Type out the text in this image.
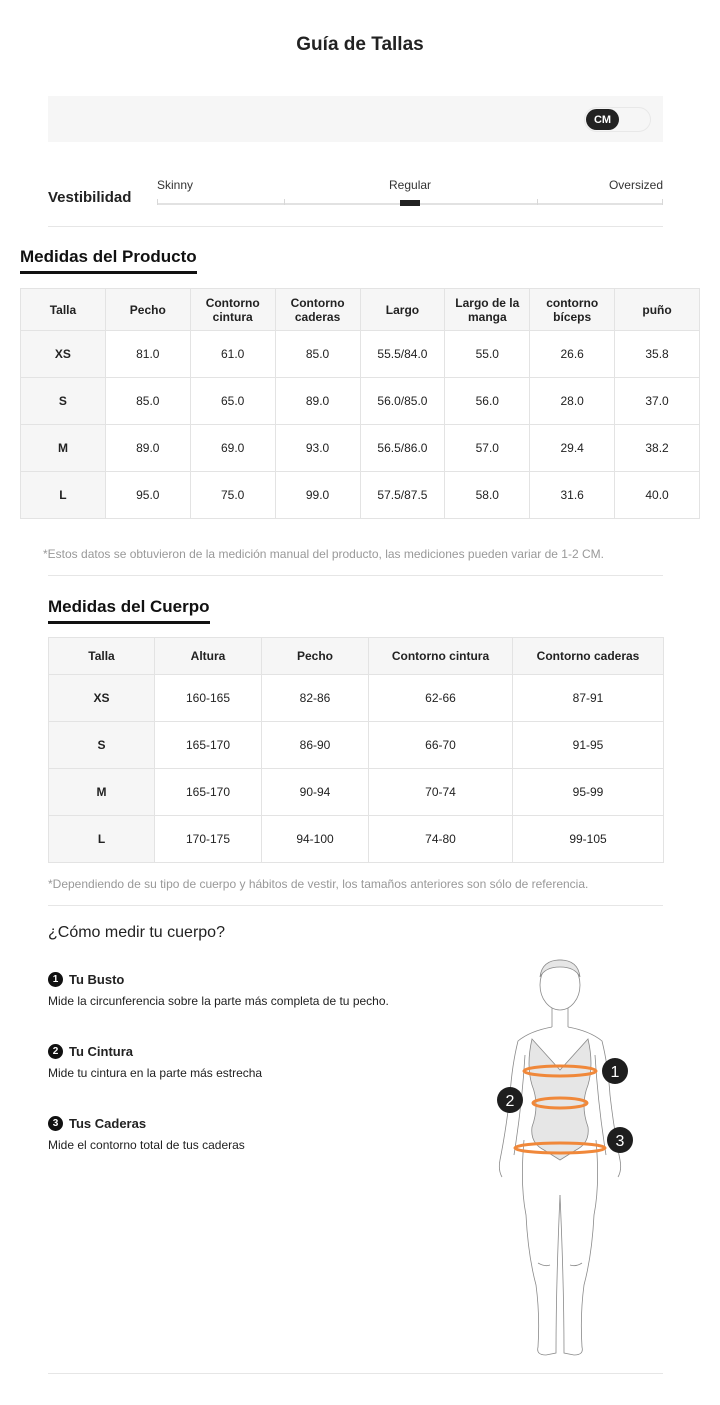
Guía de Tallas
CM
Vestibilidad
Skinny	Regular	Oversized
Medidas del Producto
Talla	Pecho	Contorno cintura	Contorno caderas	Largo	Largo de la manga	contorno bíceps	puño
XS	81.0	61.0	85.0	55.5/84.0	55.0	26.6	35.8
S	85.0	65.0	89.0	56.0/85.0	56.0	28.0	37.0
M	89.0	69.0	93.0	56.5/86.0	57.0	29.4	38.2
L	95.0	75.0	99.0	57.5/87.5	58.0	31.6	40.0
*Estos datos se obtuvieron de la medición manual del producto, las mediciones pueden variar de 1-2 CM.
Medidas del Cuerpo
Talla	Altura	Pecho	Contorno cintura	Contorno caderas
XS	160-165	82-86	62-66	87-91
S	165-170	86-90	66-70	91-95
M	165-170	90-94	70-74	95-99
L	170-175	94-100	74-80	99-105
*Dependiendo de su tipo de cuerpo y hábitos de vestir, los tamaños anteriores son sólo de referencia.
¿Cómo medir tu cuerpo?
1 Tu Busto
Mide la circunferencia sobre la parte más completa de tu pecho.
2 Tu Cintura
Mide tu cintura en la parte más estrecha
3 Tus Caderas
Mide el contorno total de tus caderas
1
2
3
